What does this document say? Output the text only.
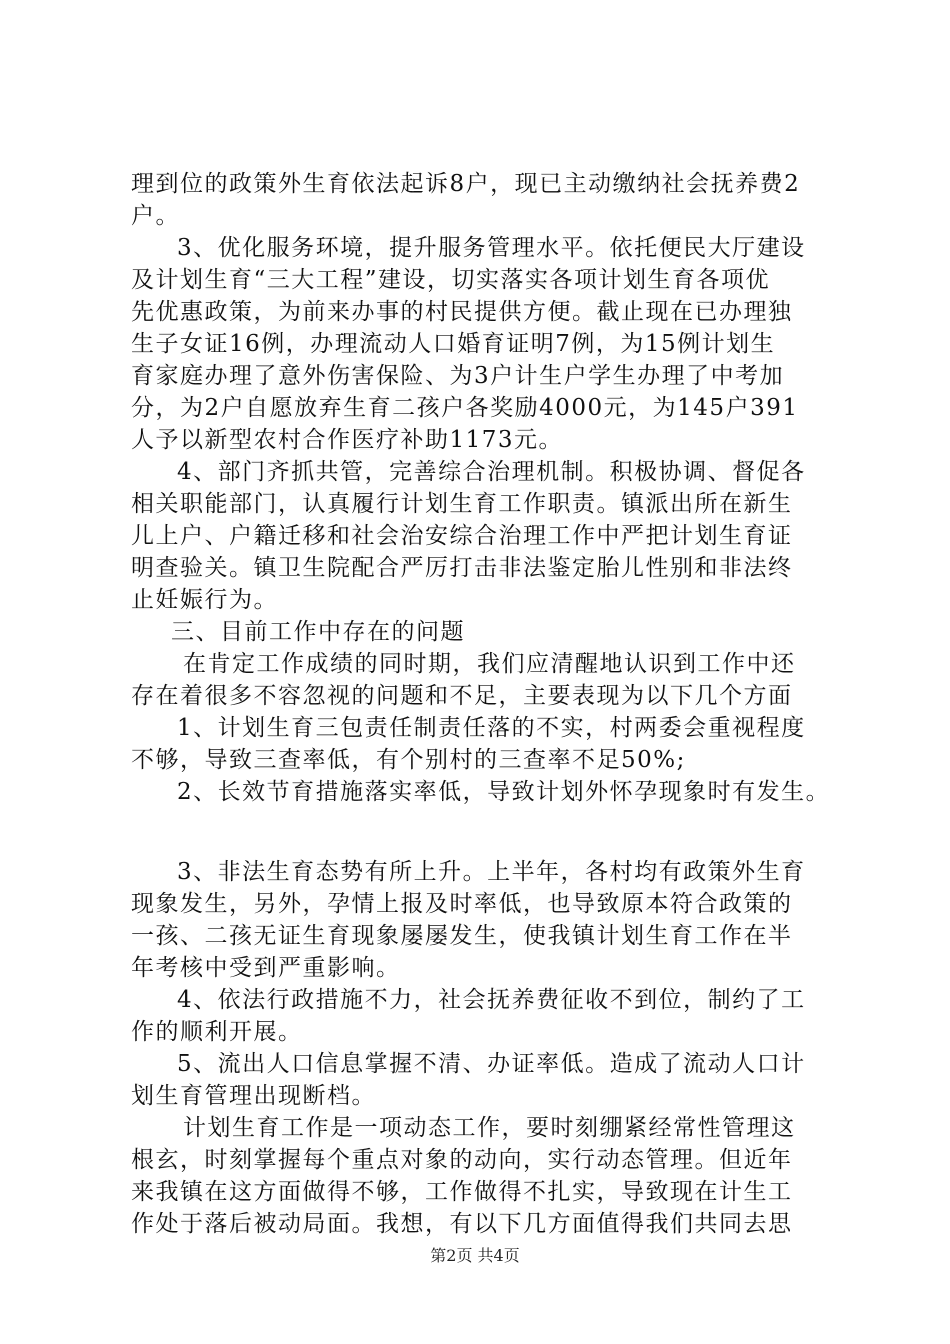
理到位的政策外生育依法起诉8户，现已主动缴纳社会抚养费2
户。
3、优化服务环境，提升服务管理水平。依托便民大厅建设
及计划生育“三大工程”建设，切实落实各项计划生育各项优
先优惠政策，为前来办事的村民提供方便。截止现在已办理独
生子女证16例，办理流动人口婚育证明7例，为15例计划生
育家庭办理了意外伤害保险、为3户计生户学生办理了中考加
分，为2户自愿放弃生育二孩户各奖励4000元，为145户391
人予以新型农村合作医疗补助1173元。
4、部门齐抓共管，完善综合治理机制。积极协调、督促各
相关职能部门，认真履行计划生育工作职责。镇派出所在新生
儿上户、户籍迁移和社会治安综合治理工作中严把计划生育证
明查验关。镇卫生院配合严厉打击非法鉴定胎儿性别和非法终
止妊娠行为。
三、目前工作中存在的问题
在肯定工作成绩的同时期，我们应清醒地认识到工作中还
存在着很多不容忽视的问题和不足，主要表现为以下几个方面
1、计划生育三包责任制责任落的不实，村两委会重视程度
不够，导致三查率低，有个别村的三查率不足50%;
2、长效节育措施落实率低，导致计划外怀孕现象时有发生。
3、非法生育态势有所上升。上半年，各村均有政策外生育
现象发生，另外，孕情上报及时率低，也导致原本符合政策的
一孩、二孩无证生育现象屡屡发生，使我镇计划生育工作在半
年考核中受到严重影响。
4、依法行政措施不力，社会抚养费征收不到位，制约了工
作的顺利开展。
5、流出人口信息掌握不清、办证率低。造成了流动人口计
划生育管理出现断档。
计划生育工作是一项动态工作，要时刻绷紧经常性管理这
根玄，时刻掌握每个重点对象的动向，实行动态管理。但近年
来我镇在这方面做得不够，工作做得不扎实，导致现在计生工
作处于落后被动局面。我想，有以下几方面值得我们共同去思
第2页 共4页
